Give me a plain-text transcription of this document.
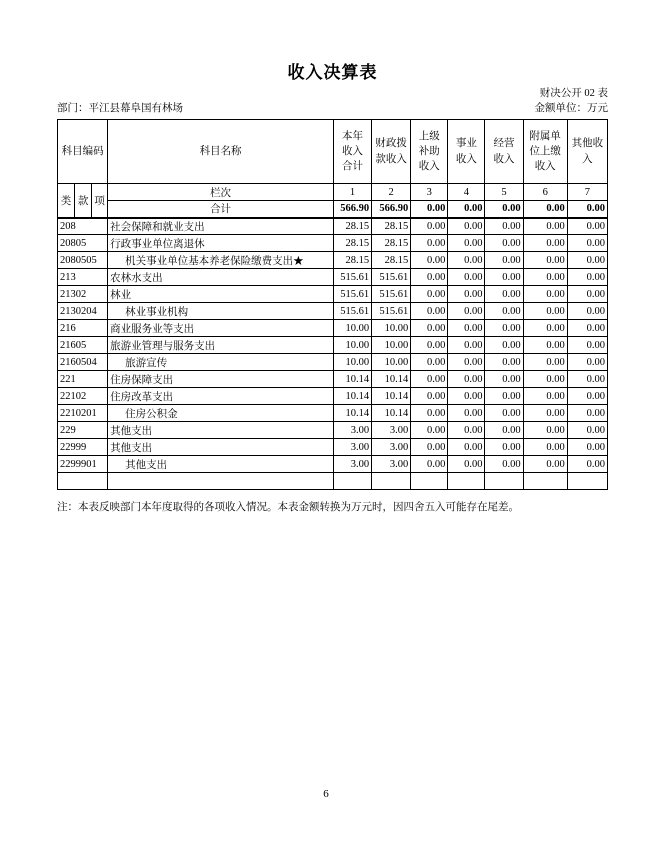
收入决算表
财决公开 02 表
部门：平江县幕阜国有林场	金额单位：万元
科目编码			科目名称	本年收入合计	财政拨款收入	上级补助收入	事业收入	经营收入	附属单位上缴收入	其他收入
类	款	项	栏次	1	2	3	4	5	6	7
			合计	566.90	566.90	0.00	0.00	0.00	0.00	0.00
208			社会保障和就业支出	28.15	28.15	0.00	0.00	0.00	0.00	0.00
20805			行政事业单位离退休	28.15	28.15	0.00	0.00	0.00	0.00	0.00
2080505			机关事业单位基本养老保险缴费支出★	28.15	28.15	0.00	0.00	0.00	0.00	0.00
213			农林水支出	515.61	515.61	0.00	0.00	0.00	0.00	0.00
21302			林业	515.61	515.61	0.00	0.00	0.00	0.00	0.00
2130204			林业事业机构	515.61	515.61	0.00	0.00	0.00	0.00	0.00
216			商业服务业等支出	10.00	10.00	0.00	0.00	0.00	0.00	0.00
21605			旅游业管理与服务支出	10.00	10.00	0.00	0.00	0.00	0.00	0.00
2160504			旅游宣传	10.00	10.00	0.00	0.00	0.00	0.00	0.00
221			住房保障支出	10.14	10.14	0.00	0.00	0.00	0.00	0.00
22102			住房改革支出	10.14	10.14	0.00	0.00	0.00	0.00	0.00
2210201			住房公积金	10.14	10.14	0.00	0.00	0.00	0.00	0.00
229			其他支出	3.00	3.00	0.00	0.00	0.00	0.00	0.00
22999			其他支出	3.00	3.00	0.00	0.00	0.00	0.00	0.00
2299901			其他支出	3.00	3.00	0.00	0.00	0.00	0.00	0.00

注：本表反映部门本年度取得的各项收入情况。本表金额转换为万元时，因四舍五入可能存在尾差。
6
